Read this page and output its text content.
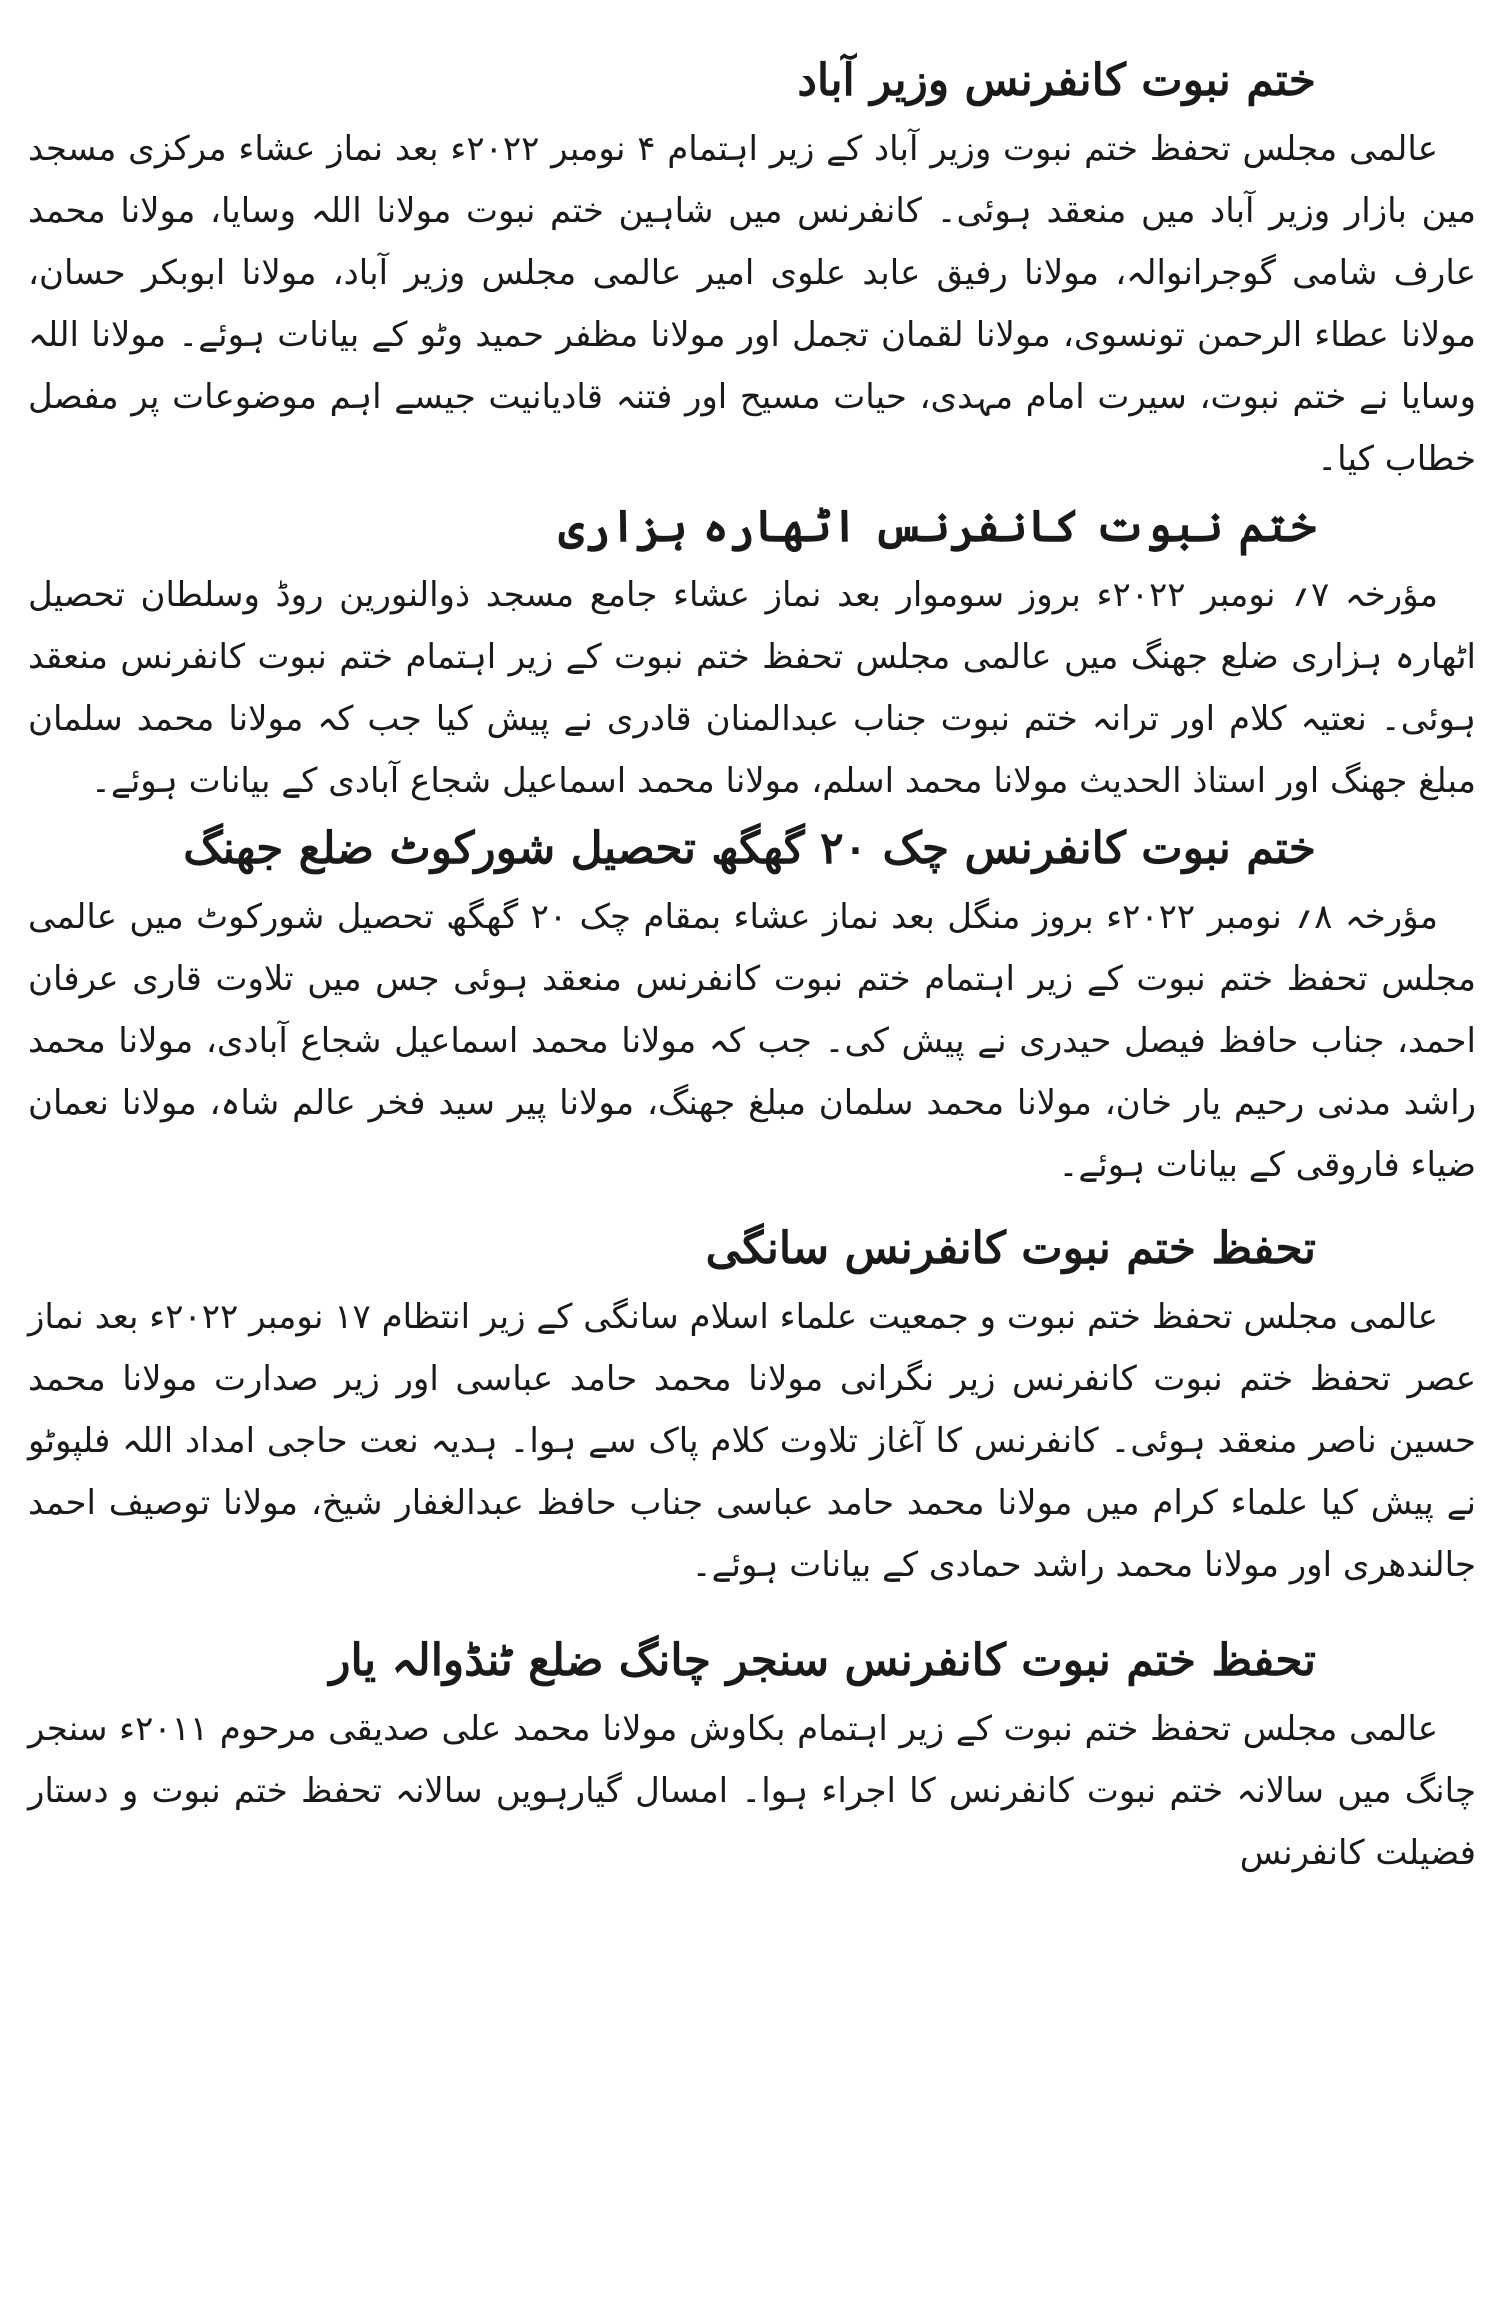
ختم نبوت کانفرنس وزیر آباد

عالمی مجلس تحفظ ختم نبوت وزیر آباد کے زیر اہتمام ۴ نومبر ۲۰۲۲ء بعد نماز عشاء مرکزی مسجد مین بازار وزیر آباد میں منعقد ہوئی۔ کانفرنس میں شاہین ختم نبوت مولانا اللہ وسایا، مولانا محمد عارف شامی گوجرانوالہ، مولانا رفیق عابد علوی امیر عالمی مجلس وزیر آباد، مولانا ابوبکر حسان، مولانا عطاء الرحمن تونسوی، مولانا لقمان تجمل اور مولانا مظفر حمید وٹو کے بیانات ہوئے۔ مولانا اللہ وسایا نے ختم نبوت، سیرت امام مہدی، حیات مسیح اور فتنہ قادیانیت جیسے اہم موضوعات پر مفصل خطاب کیا۔

ختم نبوت کانفرنس اٹھارہ ہزاری

مؤرخہ ۷؍ نومبر ۲۰۲۲ء بروز سوموار بعد نماز عشاء جامع مسجد ذوالنورین روڈ وسلطان تحصیل اٹھارہ ہزاری ضلع جھنگ میں عالمی مجلس تحفظ ختم نبوت کے زیر اہتمام ختم نبوت کانفرنس منعقد ہوئی۔ نعتیہ کلام اور ترانہ ختم نبوت جناب عبدالمنان قادری نے پیش کیا جب کہ مولانا محمد سلمان مبلغ جھنگ اور استاذ الحدیث مولانا محمد اسلم، مولانا محمد اسماعیل شجاع آبادی کے بیانات ہوئے۔

ختم نبوت کانفرنس چک ۲۰ گھگھ تحصیل شورکوٹ ضلع جھنگ

مؤرخہ ۸؍ نومبر ۲۰۲۲ء بروز منگل بعد نماز عشاء بمقام چک ۲۰ گھگھ تحصیل شورکوٹ میں عالمی مجلس تحفظ ختم نبوت کے زیر اہتمام ختم نبوت کانفرنس منعقد ہوئی جس میں تلاوت قاری عرفان احمد، جناب حافظ فیصل حیدری نے پیش کی۔ جب کہ مولانا محمد اسماعیل شجاع آبادی، مولانا محمد راشد مدنی رحیم یار خان، مولانا محمد سلمان مبلغ جھنگ، مولانا پیر سید فخر عالم شاہ، مولانا نعمان ضیاء فاروقی کے بیانات ہوئے۔

تحفظ ختم نبوت کانفرنس سانگی

عالمی مجلس تحفظ ختم نبوت و جمعیت علماء اسلام سانگی کے زیر انتظام ۱۷ نومبر ۲۰۲۲ء بعد نماز عصر تحفظ ختم نبوت کانفرنس زیر نگرانی مولانا محمد حامد عباسی اور زیر صدارت مولانا محمد حسین ناصر منعقد ہوئی۔ کانفرنس کا آغاز تلاوت کلام پاک سے ہوا۔ ہدیہ نعت حاجی امداد اللہ فلپوٹو نے پیش کیا علماء کرام میں مولانا محمد حامد عباسی جناب حافظ عبدالغفار شیخ، مولانا توصیف احمد جالندھری اور مولانا محمد راشد حمادی کے بیانات ہوئے۔

تحفظ ختم نبوت کانفرنس سنجر چانگ ضلع ٹنڈوالہ یار

عالمی مجلس تحفظ ختم نبوت کے زیر اہتمام بکاوش مولانا محمد علی صدیقی مرحوم ۲۰۱۱ء سنجر چانگ میں سالانہ ختم نبوت کانفرنس کا اجراء ہوا۔ امسال گیارہویں سالانہ تحفظ ختم نبوت و دستار فضیلت کانفرنس
